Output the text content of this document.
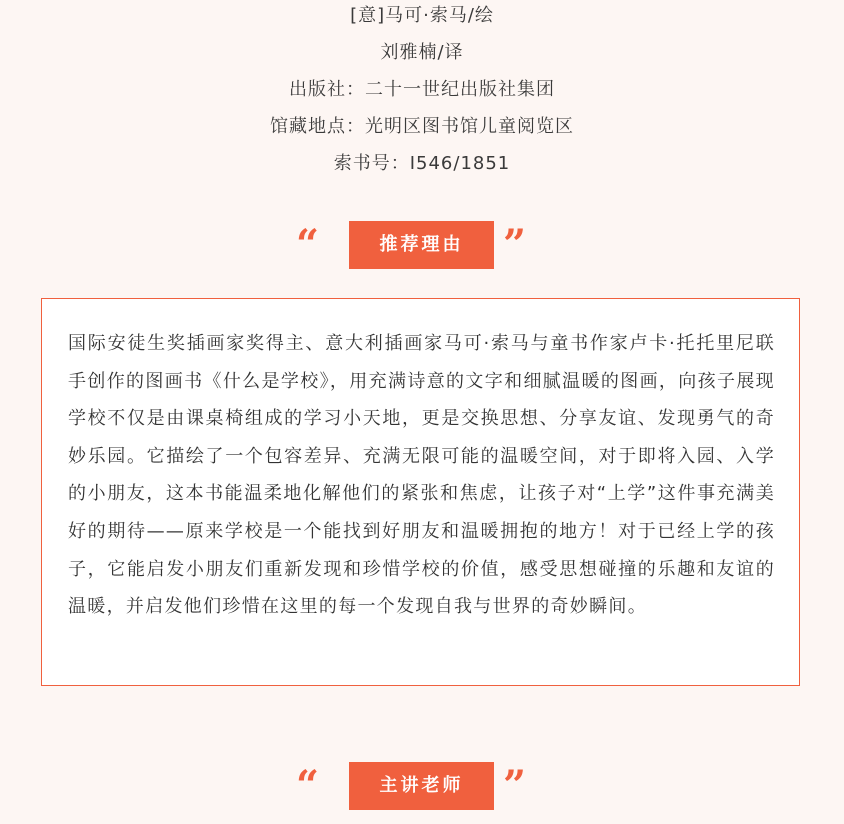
[意]马可·索马/绘
刘雅楠/译
出版社：二十一世纪出版社集团
馆藏地点：光明区图书馆儿童阅览区
索书号：I546/1851
“	推荐理由 ”

国际安徒生奖插画家奖得主、意大利插画家马可·索马与童书作家卢卡·托托里尼联手创作的图画书《什么是学校》，用充满诗意的文字和细腻温暖的图画，向孩子展现学校不仅是由课桌椅组成的学习小天地，更是交换思想、分享友谊、发现勇气的奇妙乐园。它描绘了一个包容差异、充满无限可能的温暖空间，对于即将入园、入学的小朋友，这本书能温柔地化解他们的紧张和焦虑，让孩子对“上学”这件事充满美好的期待——原来学校是一个能找到好朋友和温暖拥抱的地方！对于已经上学的孩子，它能启发小朋友们重新发现和珍惜学校的价值，感受思想碰撞的乐趣和友谊的温暖，并启发他们珍惜在这里的每一个发现自我与世界的奇妙瞬间。

“	主讲老师 ”
